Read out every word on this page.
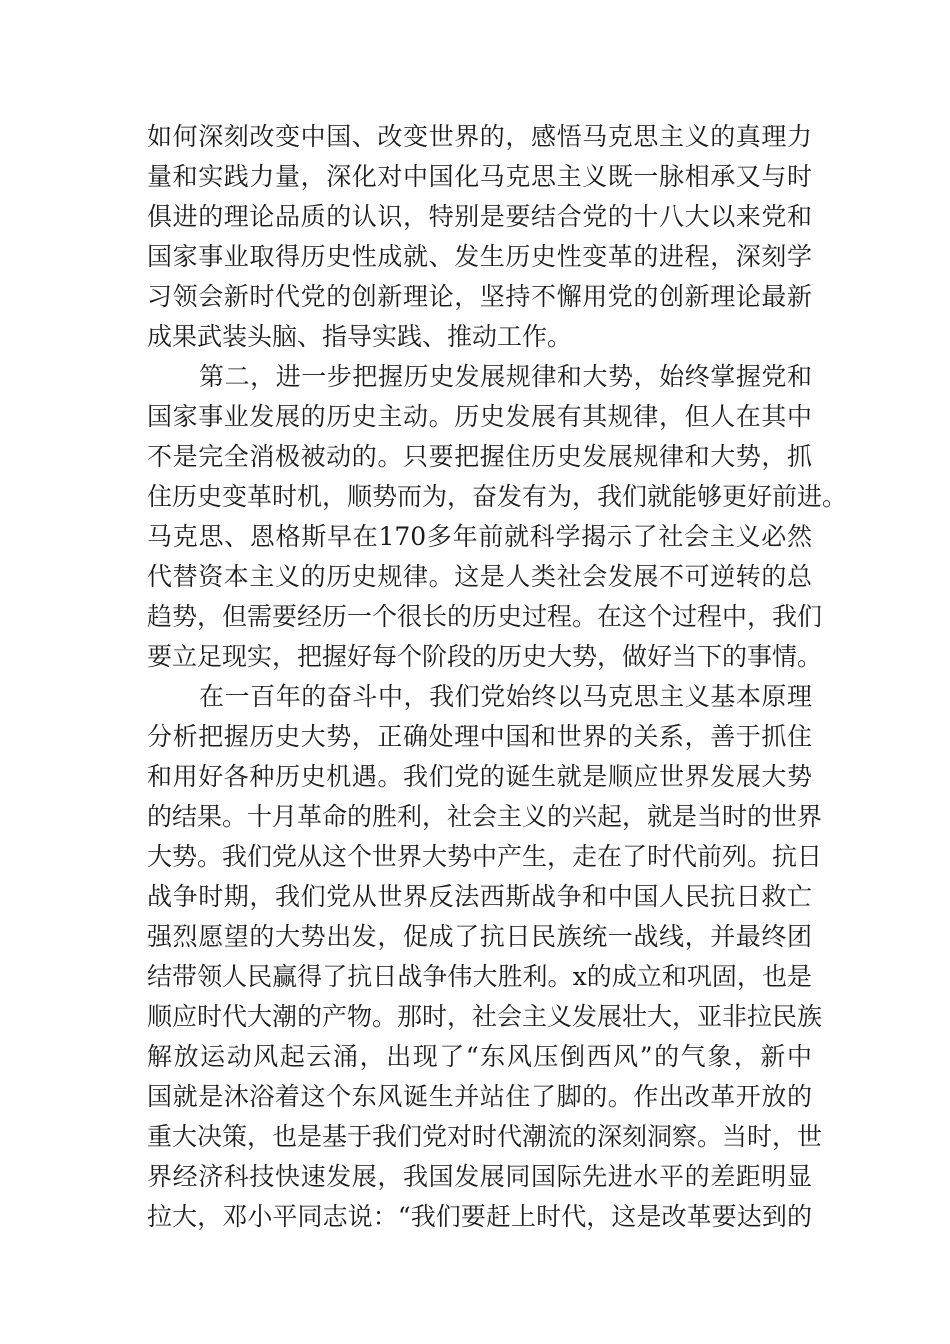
如何深刻改变中国、改变世界的，感悟马克思主义的真理力
量和实践力量，深化对中国化马克思主义既一脉相承又与时
俱进的理论品质的认识，特别是要结合党的十八大以来党和
国家事业取得历史性成就、发生历史性变革的进程，深刻学
习领会新时代党的创新理论，坚持不懈用党的创新理论最新
成果武装头脑、指导实践、推动工作。
第二，进一步把握历史发展规律和大势，始终掌握党和
国家事业发展的历史主动。历史发展有其规律，但人在其中
不是完全消极被动的。只要把握住历史发展规律和大势，抓
住历史变革时机，顺势而为，奋发有为，我们就能够更好前进。
马克思、恩格斯早在170多年前就科学揭示了社会主义必然
代替资本主义的历史规律。这是人类社会发展不可逆转的总
趋势，但需要经历一个很长的历史过程。在这个过程中，我们
要立足现实，把握好每个阶段的历史大势，做好当下的事情。
在一百年的奋斗中，我们党始终以马克思主义基本原理
分析把握历史大势，正确处理中国和世界的关系，善于抓住
和用好各种历史机遇。我们党的诞生就是顺应世界发展大势
的结果。十月革命的胜利，社会主义的兴起，就是当时的世界
大势。我们党从这个世界大势中产生，走在了时代前列。抗日
战争时期，我们党从世界反法西斯战争和中国人民抗日救亡
强烈愿望的大势出发，促成了抗日民族统一战线，并最终团
结带领人民赢得了抗日战争伟大胜利。x的成立和巩固，也是
顺应时代大潮的产物。那时，社会主义发展壮大，亚非拉民族
解放运动风起云涌，出现了“东风压倒西风”的气象，新中
国就是沐浴着这个东风诞生并站住了脚的。作出改革开放的
重大决策，也是基于我们党对时代潮流的深刻洞察。当时，世
界经济科技快速发展，我国发展同国际先进水平的差距明显
拉大，邓小平同志说：“我们要赶上时代，这是改革要达到的
